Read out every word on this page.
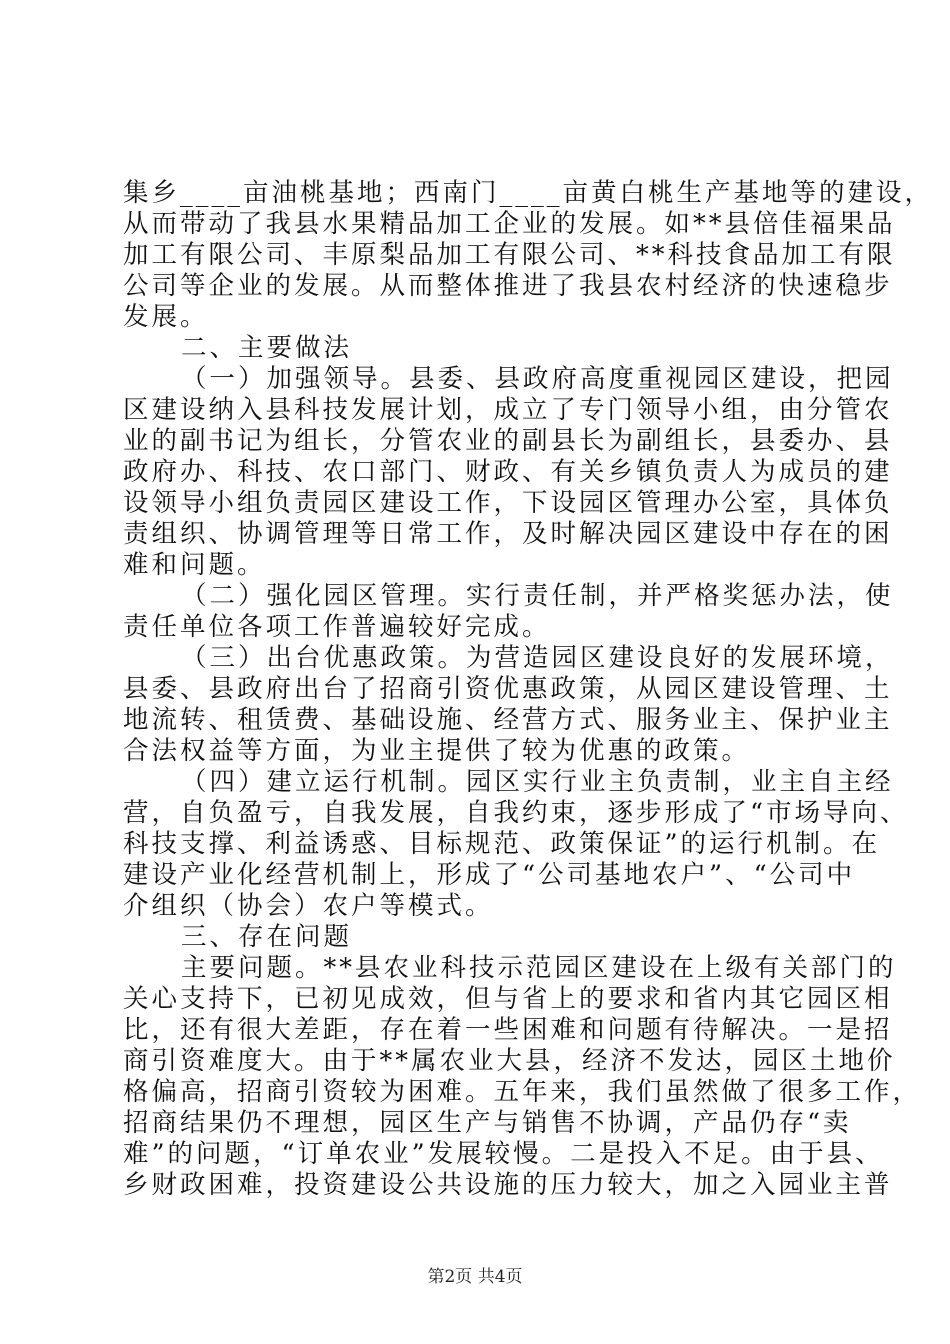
集乡____亩油桃基地；西南门____亩黄白桃生产基地等的建设，
从而带动了我县水果精品加工企业的发展。如**县倍佳福果品
加工有限公司、丰原梨品加工有限公司、**科技食品加工有限
公司等企业的发展。从而整体推进了我县农村经济的快速稳步
发展。
二、主要做法
（一）加强领导。县委、县政府高度重视园区建设，把园
区建设纳入县科技发展计划，成立了专门领导小组，由分管农
业的副书记为组长，分管农业的副县长为副组长，县委办、县
政府办、科技、农口部门、财政、有关乡镇负责人为成员的建
设领导小组负责园区建设工作，下设园区管理办公室，具体负
责组织、协调管理等日常工作，及时解决园区建设中存在的困
难和问题。
（二）强化园区管理。实行责任制，并严格奖惩办法，使
责任单位各项工作普遍较好完成。
（三）出台优惠政策。为营造园区建设良好的发展环境，
县委、县政府出台了招商引资优惠政策，从园区建设管理、土
地流转、租赁费、基础设施、经营方式、服务业主、保护业主
合法权益等方面，为业主提供了较为优惠的政策。
（四）建立运行机制。园区实行业主负责制，业主自主经
营，自负盈亏，自我发展，自我约束，逐步形成了“市场导向、
科技支撑、利益诱惑、目标规范、政策保证”的运行机制。在
建设产业化经营机制上，形成了“公司基地农户”、“公司中
介组织（协会）农户等模式。
三、存在问题
主要问题。**县农业科技示范园区建设在上级有关部门的
关心支持下，已初见成效，但与省上的要求和省内其它园区相
比，还有很大差距，存在着一些困难和问题有待解决。一是招
商引资难度大。由于**属农业大县，经济不发达，园区土地价
格偏高，招商引资较为困难。五年来，我们虽然做了很多工作，
招商结果仍不理想，园区生产与销售不协调，产品仍存“卖
难”的问题，“订单农业”发展较慢。二是投入不足。由于县、
乡财政困难，投资建设公共设施的压力较大，加之入园业主普
第2页 共4页
